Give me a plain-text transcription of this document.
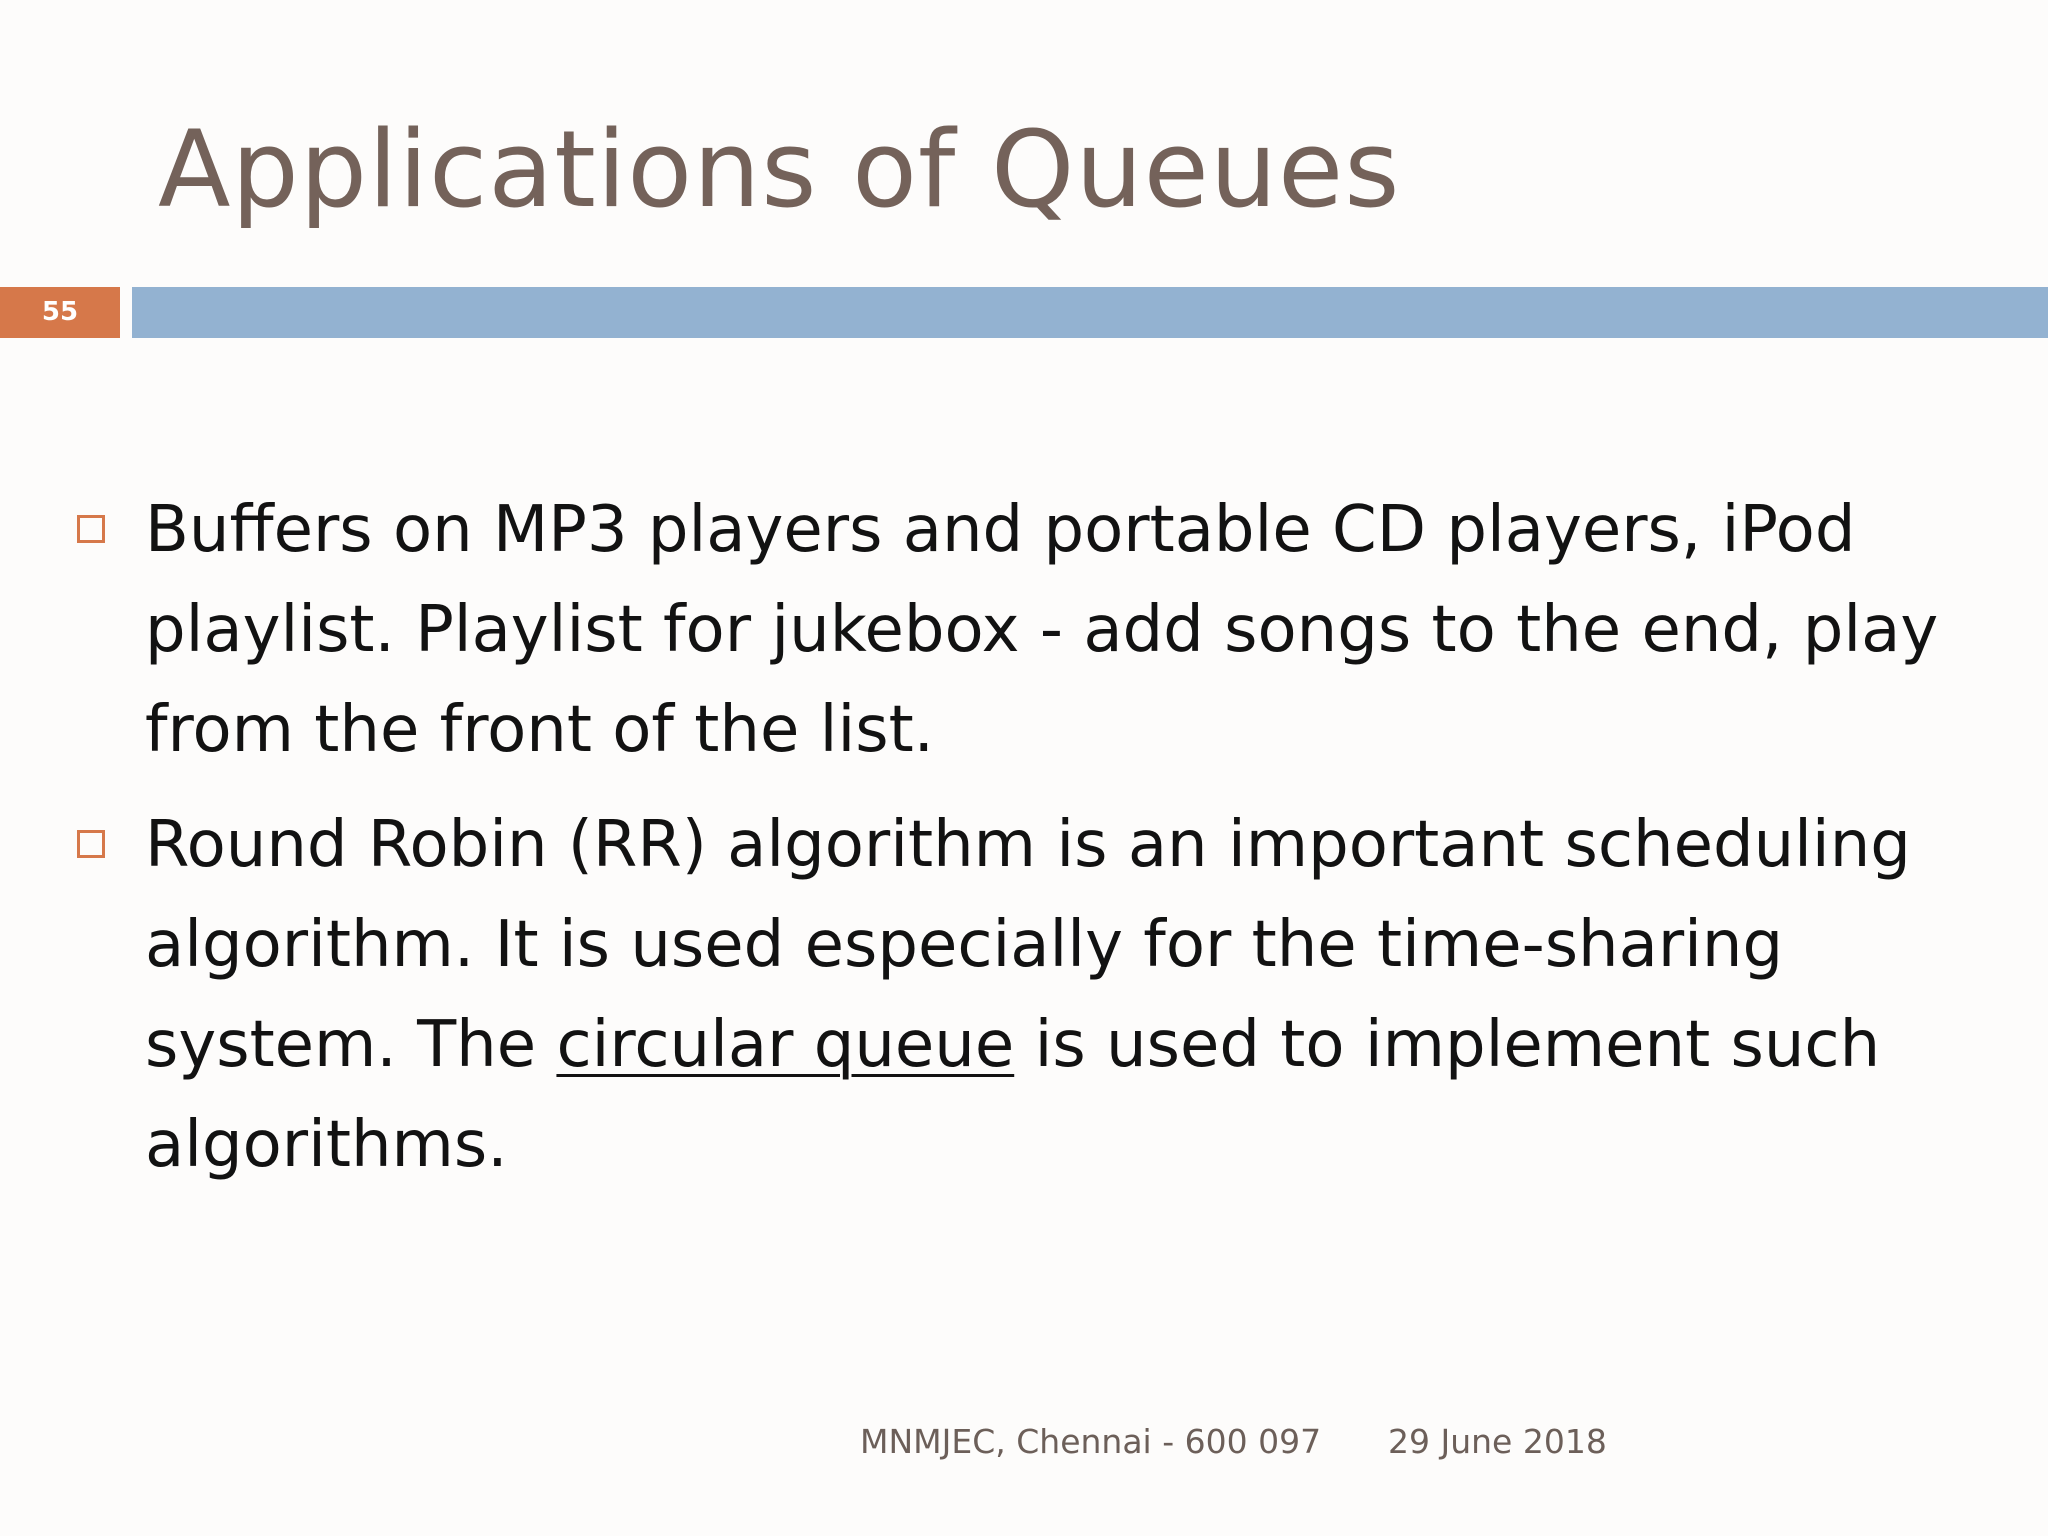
Applications of Queues
55
Buffers on MP3 players and portable CD players, iPod playlist. Playlist for jukebox - add songs to the end, play from the front of the list.
Round Robin (RR) algorithm is an important scheduling algorithm. It is used especially for the time-sharing system. The circular queue is used to implement such algorithms.
MNMJEC, Chennai - 600 097 29 June 2018
